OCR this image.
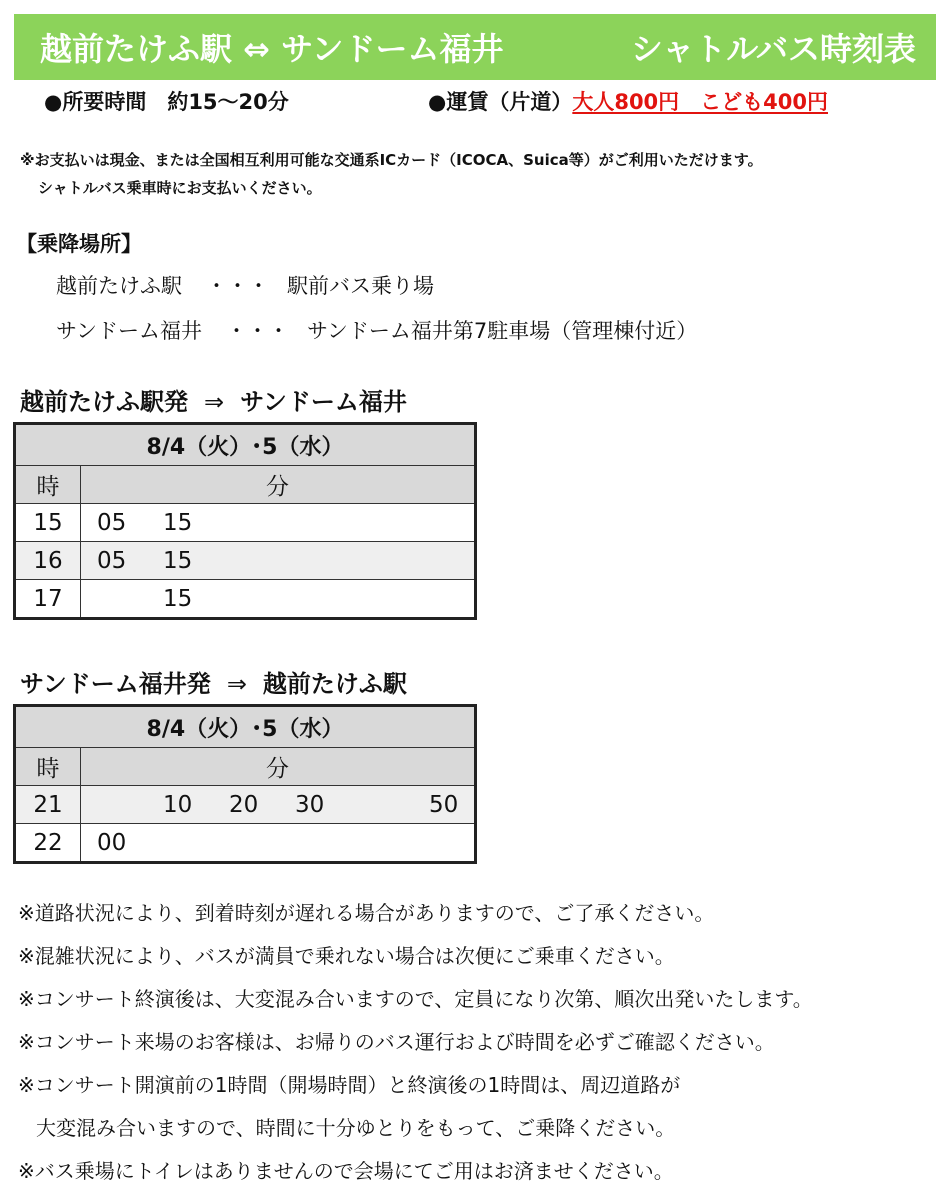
越前たけふ駅 ⇔ サンドーム福井	シャトルバス時刻表
●所要時間　約15～20分	●運賃（片道）大人800円　こども400円
※お支払いは現金、または全国相互利用可能な交通系ICカード（ICOCA、Suica等）がご利用いただけます。
シャトルバス乗車時にお支払いください。
【乗降場所】
越前たけふ駅 ・・・ 駅前バス乗り場
サンドーム福井 ・・・ サンドーム福井第7駐車場（管理棟付近）
越前たけふ駅発 ⇒ サンドーム福井
8/4（火）･5（水）	
時	分
15	05 15

16	05 15

17	15
サンドーム福井発 ⇒ 越前たけふ駅
8/4（火）･5（水）	
時	分
21	10 20 30 50

22	00
※道路状況により、到着時刻が遅れる場合がありますので、ご了承ください。
※混雑状況により、バスが満員で乗れない場合は次便にご乗車ください。
※コンサート終演後は、大変混み合いますので、定員になり次第、順次出発いたします。
※コンサート来場のお客様は、お帰りのバス運行および時間を必ずご確認ください。
※コンサート開演前の1時間（開場時間）と終演後の1時間は、周辺道路が
大変混み合いますので、時間に十分ゆとりをもって、ご乗降ください。
※バス乗場にトイレはありませんので会場にてご用はお済ませください。
